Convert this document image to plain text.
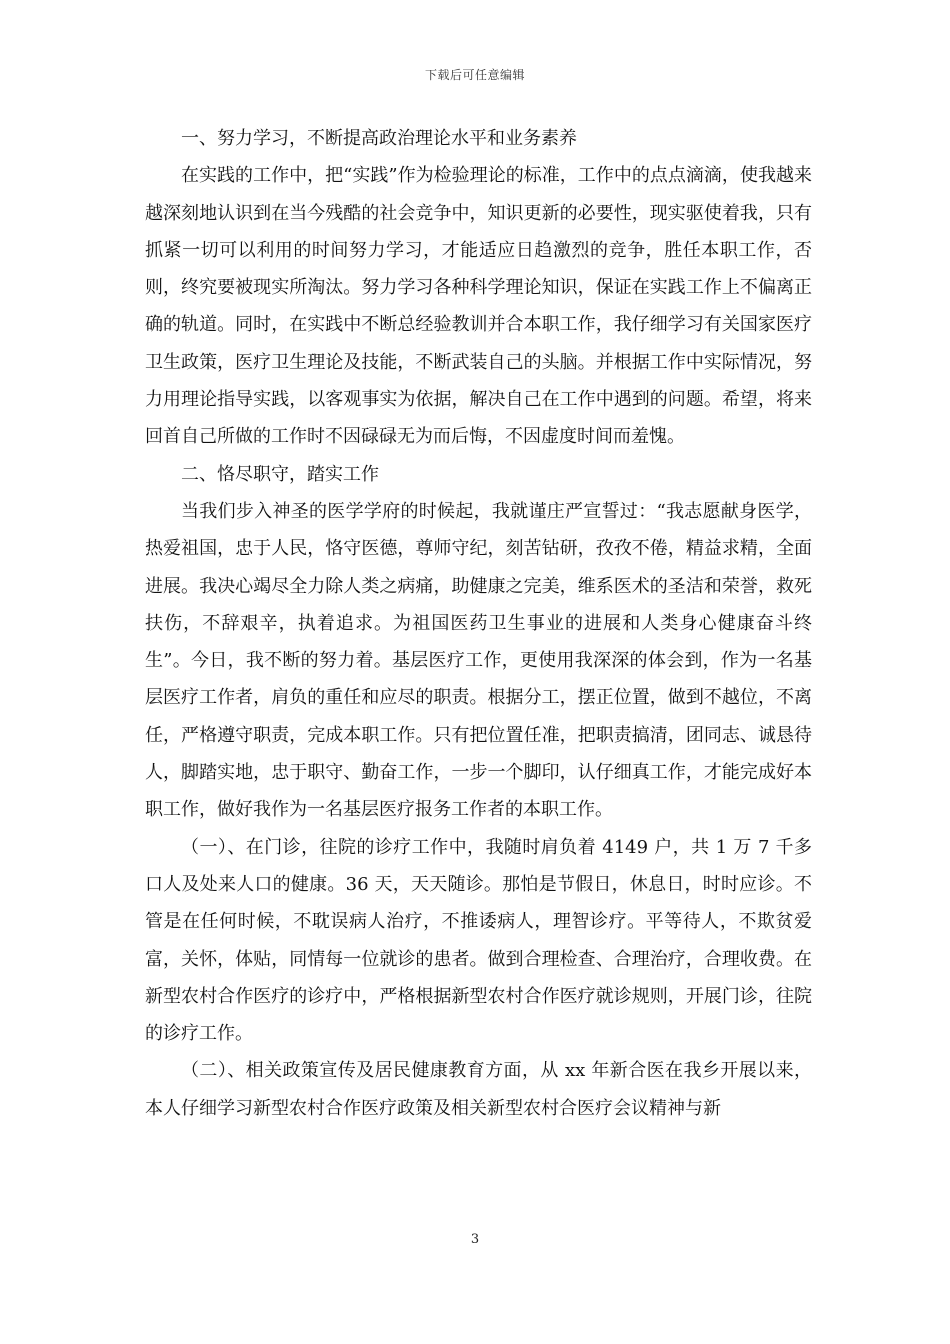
下载后可任意编辑

一、努力学习，不断提高政治理论水平和业务素养

在实践的工作中，把“实践”作为检验理论的标准，工作中的点点滴滴，使我越来越深刻地认识到在当今残酷的社会竞争中，知识更新的必要性，现实驱使着我，只有抓紧一切可以利用的时间努力学习，才能适应日趋激烈的竞争，胜任本职工作，否则，终究要被现实所淘汰。努力学习各种科学理论知识，保证在实践工作上不偏离正确的轨道。同时，在实践中不断总经验教训并合本职工作，我仔细学习有关国家医疗卫生政策，医疗卫生理论及技能，不断武装自己的头脑。并根据工作中实际情况，努力用理论指导实践，以客观事实为依据，解决自己在工作中遇到的问题。希望，将来回首自己所做的工作时不因碌碌无为而后悔，不因虚度时间而羞愧。

二、恪尽职守，踏实工作

当我们步入神圣的医学学府的时候起，我就谨庄严宣誓过：“我志愿献身医学，热爱祖国，忠于人民，恪守医德，尊师守纪，刻苦钻研，孜孜不倦，精益求精，全面进展。我决心竭尽全力除人类之病痛，助健康之完美，维系医术的圣洁和荣誉，救死扶伤，不辞艰辛，执着追求。为祖国医药卫生事业的进展和人类身心健康奋斗终生”。今日，我不断的努力着。基层医疗工作，更使用我深深的体会到，作为一名基层医疗工作者，肩负的重任和应尽的职责。根据分工，摆正位置，做到不越位，不离任，严格遵守职责，完成本职工作。只有把位置任准，把职责搞清，团同志、诚恳待人，脚踏实地，忠于职守、勤奋工作，一步一个脚印，认仔细真工作，才能完成好本职工作，做好我作为一名基层医疗报务工作者的本职工作。

（一）、在门诊，往院的诊疗工作中，我随时肩负着 4149 户，共 1 万 7 千多口人及处来人口的健康。36 天，天天随诊。那怕是节假日，休息日，时时应诊。不管是在任何时候，不耽误病人治疗，不推诿病人，理智诊疗。平等待人，不欺贫爱富，关怀，体贴，同情每一位就诊的患者。做到合理检查、合理治疗，合理收费。在新型农村合作医疗的诊疗中，严格根据新型农村合作医疗就诊规则，开展门诊，往院的诊疗工作。

（二）、相关政策宣传及居民健康教育方面，从 xx 年新合医在我乡开展以来，本人仔细学习新型农村合作医疗政策及相关新型农村合医疗会议精神与新

3
